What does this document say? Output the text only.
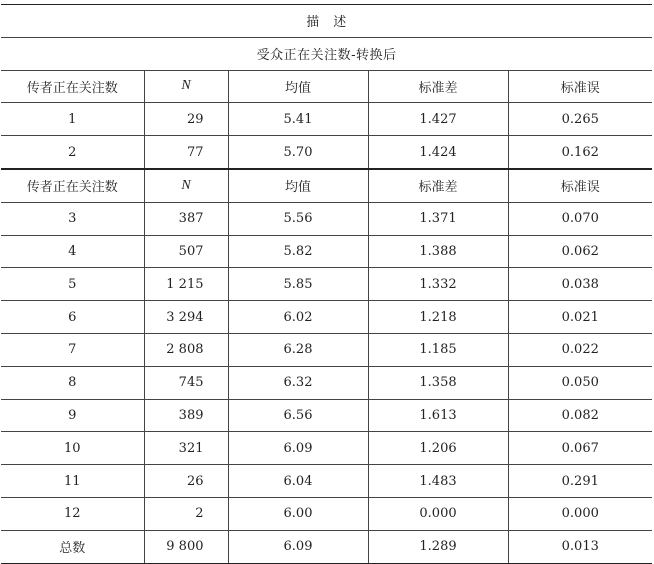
描　述				
受众正在关注数-转换后				
传者正在关注数	N	均值	标准差	标准误
1	29	5.41	1.427	0.265
2	77	5.70	1.424	0.162
传者正在关注数	N	均值	标准差	标准误
3	387	5.56	1.371	0.070
4	507	5.82	1.388	0.062
5	1 215	5.85	1.332	0.038
6	3 294	6.02	1.218	0.021
7	2 808	6.28	1.185	0.022
8	745	6.32	1.358	0.050
9	389	6.56	1.613	0.082
10	321	6.09	1.206	0.067
11	26	6.04	1.483	0.291
12	2	6.00	0.000	0.000
总数	9 800	6.09	1.289	0.013
